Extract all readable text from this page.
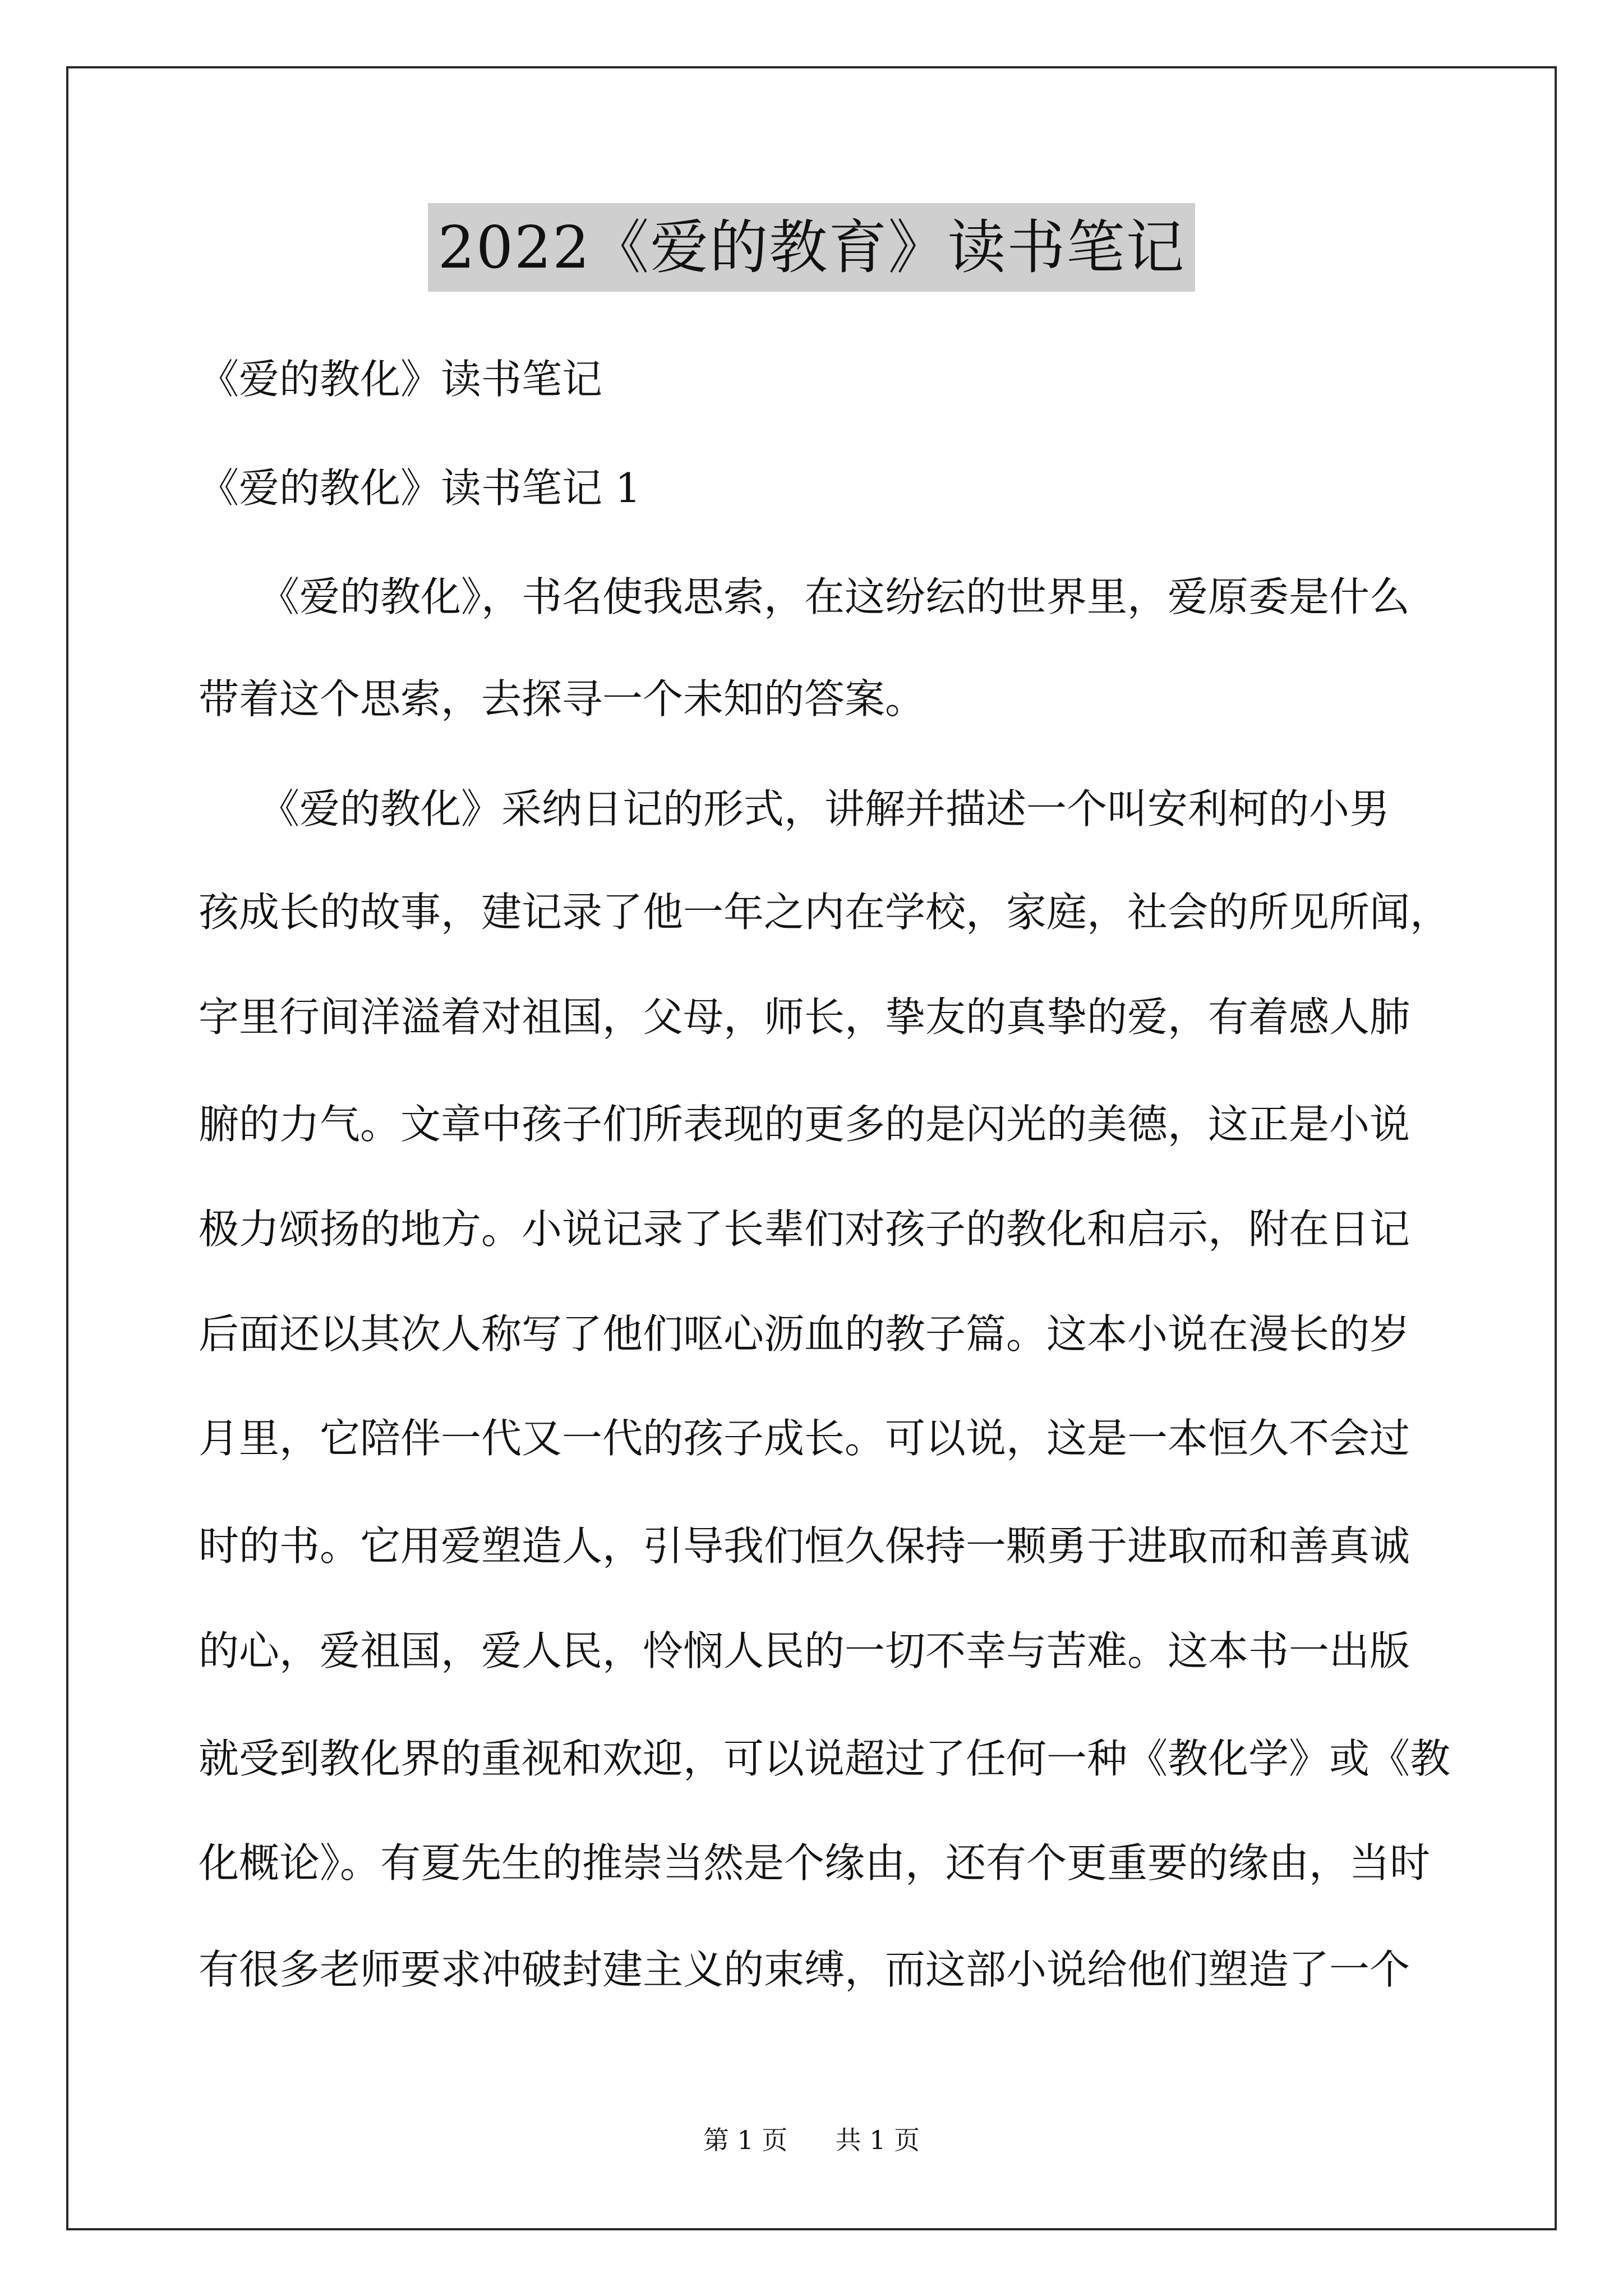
2022《爱的教育》读书笔记
《爱的教化》读书笔记
《爱的教化》读书笔记 1
　　《爱的教化》，书名使我思索，在这纷纭的世界里，爱原委是什么
带着这个思索，去探寻一个未知的答案。
　　《爱的教化》采纳日记的形式，讲解并描述一个叫安利柯的小男
孩成长的故事，建记录了他一年之内在学校，家庭，社会的所见所闻，
字里行间洋溢着对祖国，父母，师长，挚友的真挚的爱，有着感人肺
腑的力气。文章中孩子们所表现的更多的是闪光的美德，这正是小说
极力颂扬的地方。小说记录了长辈们对孩子的教化和启示，附在日记
后面还以其次人称写了他们呕心沥血的教子篇。这本小说在漫长的岁
月里，它陪伴一代又一代的孩子成长。可以说，这是一本恒久不会过
时的书。它用爱塑造人，引导我们恒久保持一颗勇于进取而和善真诚
的心，爱祖国，爱人民，怜悯人民的一切不幸与苦难。这本书一出版
就受到教化界的重视和欢迎，可以说超过了任何一种《教化学》或《教
化概论》。有夏先生的推崇当然是个缘由，还有个更重要的缘由，当时
有很多老师要求冲破封建主义的束缚，而这部小说给他们塑造了一个
第 1 页 共 1 页
